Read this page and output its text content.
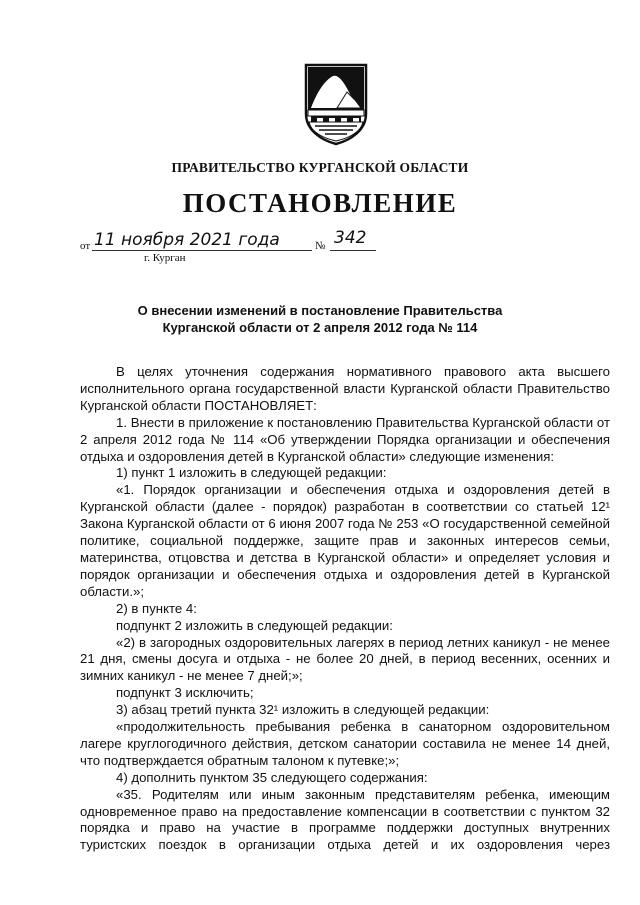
ПРАВИТЕЛЬСТВО КУРГАНСКОЙ ОБЛАСТИ
ПОСТАНОВЛЕНИЕ
от 11 ноября 2021 года	№ 342
г. Курган
О внесении изменений в постановление Правительства
Курганской области от 2 апреля 2012 года № 114

В целях уточнения содержания нормативного правового акта высшего исполнительного органа государственной власти Курганской области Правительство Курганской области ПОСТАНОВЛЯЕТ:

1. Внести в приложение к постановлению Правительства Курганской области от 2 апреля 2012 года № 114 «Об утверждении Порядка организации и обеспечения отдыха и оздоровления детей в Курганской области» следующие изменения:

1) пункт 1 изложить в следующей редакции:

«1. Порядок организации и обеспечения отдыха и оздоровления детей в Курганской области (далее - порядок) разработан в соответствии со статьей 12¹ Закона Курганской области от 6 июня 2007 года № 253 «О государственной семейной политике, социальной поддержке, защите прав и законных интересов семьи, материнства, отцовства и детства в Курганской области» и определяет условия и порядок организации и обеспечения отдыха и оздоровления детей в Курганской области.»;

2) в пункте 4:

подпункт 2 изложить в следующей редакции:

«2) в загородных оздоровительных лагерях в период летних каникул - не менее 21 дня, смены досуга и отдыха - не более 20 дней, в период весенних, осенних и зимних каникул - не менее 7 дней;»;

подпункт 3 исключить;

3) абзац третий пункта 32¹ изложить в следующей редакции:

«продолжительность пребывания ребенка в санаторном оздоровительном лагере круглогодичного действия, детском санатории составила не менее 14 дней, что подтверждается обратным талоном к путевке;»;

4) дополнить пунктом 35 следующего содержания:

«35. Родителям или иным законным представителям ребенка, имеющим одновременное право на предоставление компенсации в соответствии с пунктом 32 порядка и право на участие в программе поддержки доступных внутренних туристских поездок в организации отдыха детей и их оздоровления через
